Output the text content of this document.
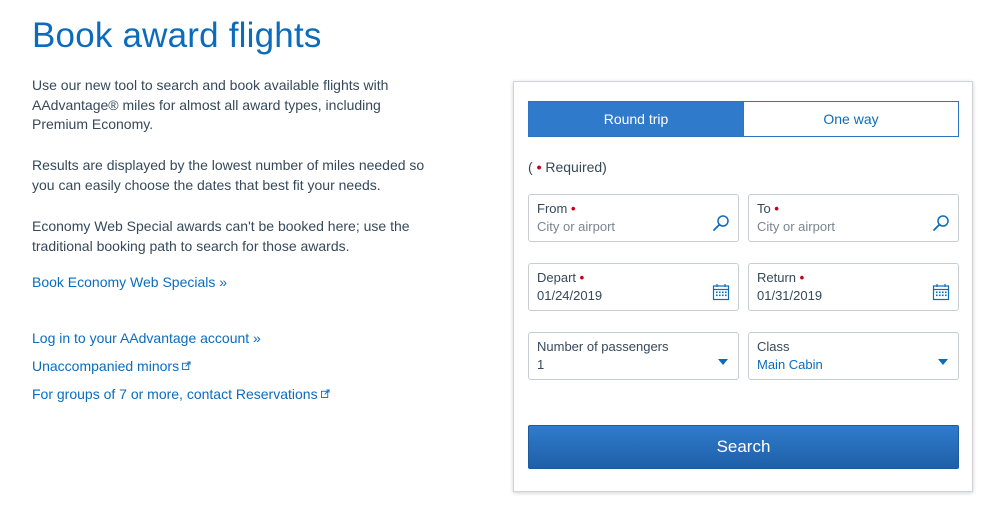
Book award flights

Use our new tool to search and book available flights with AAdvantage® miles for almost all award types, including Premium Economy.

Results are displayed by the lowest number of miles needed so you can easily choose the dates that best fit your needs.

Economy Web Special awards can't be booked here; use the traditional booking path to search for those awards.

Book Economy Web Specials »
Log in to your AAdvantage account »
Unaccompanied minors
For groups of 7 or more, contact Reservations
Round trip	One way
( • Required)
From •
City or airport
To •
City or airport
Depart •
01/24/2019
Return •
01/31/2019
Number of passengers
1
Class
Main Cabin
Search
